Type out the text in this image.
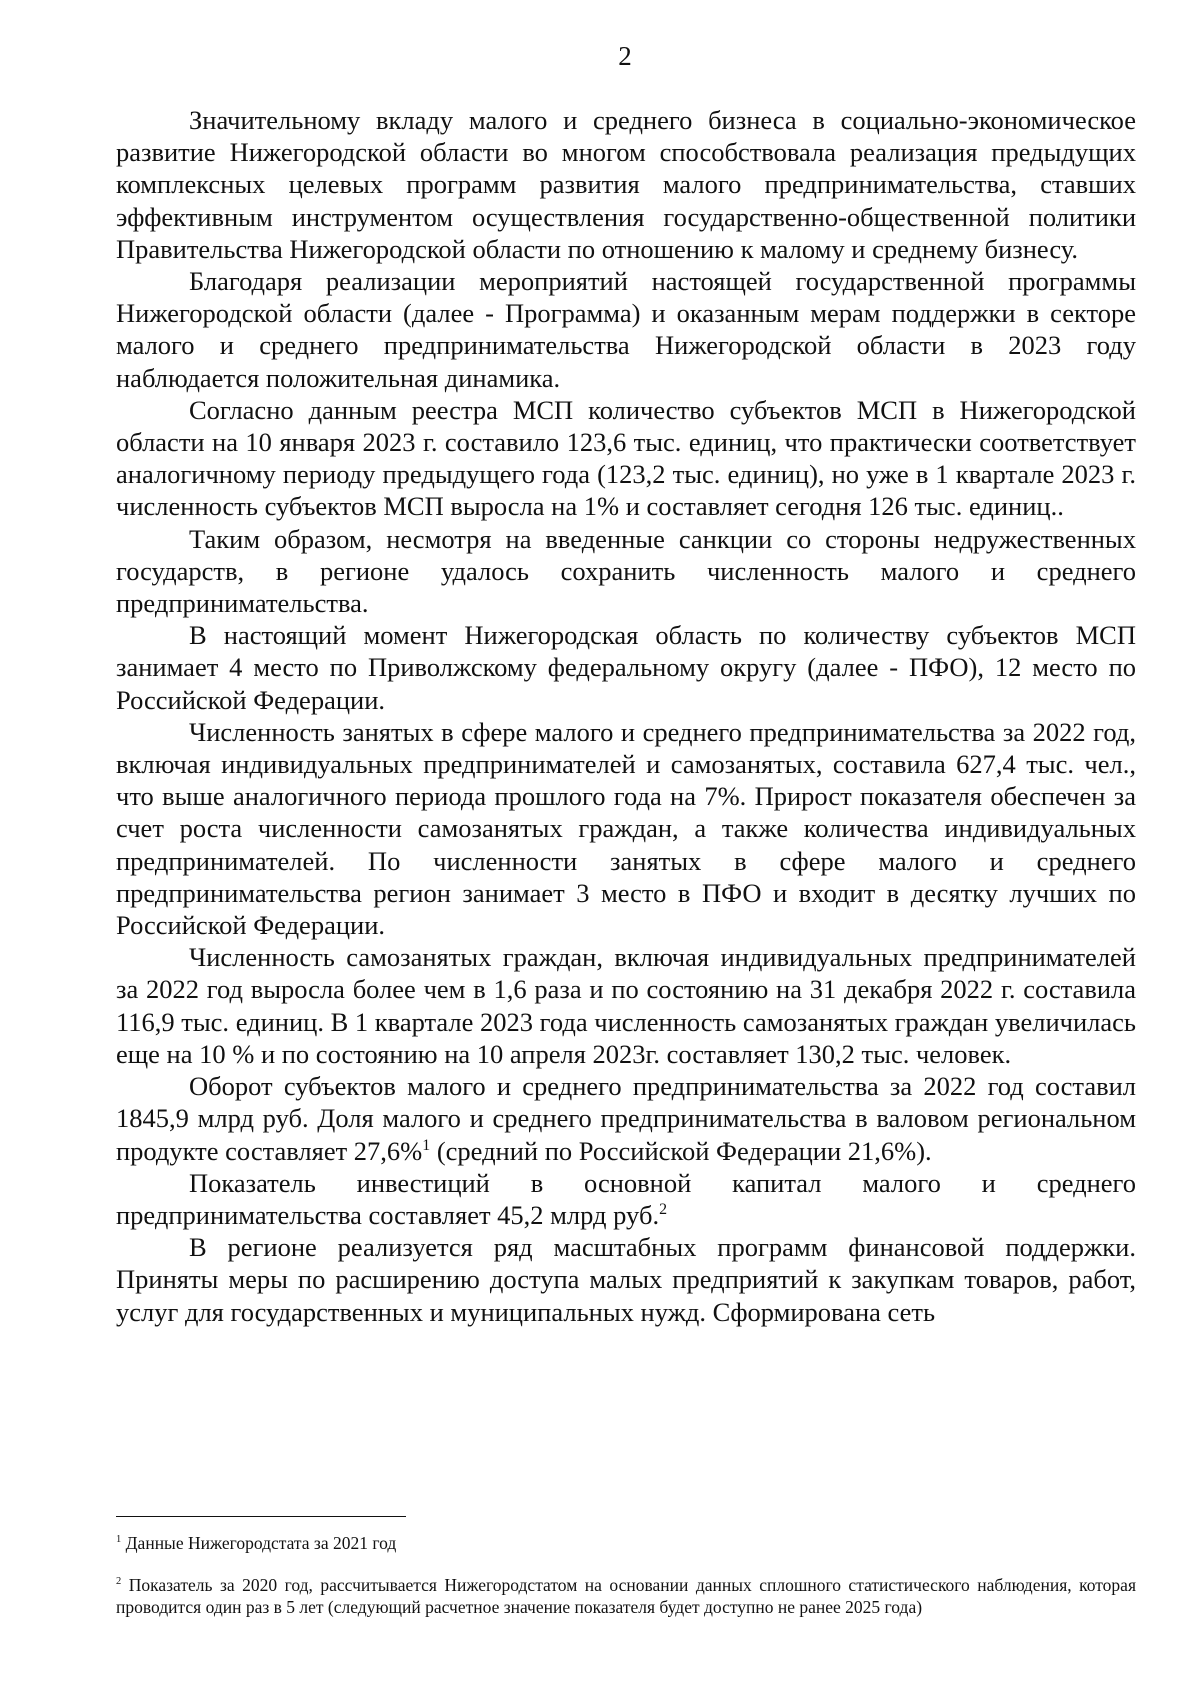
2

Значительному вкладу малого и среднего бизнеса в социально-экономическое развитие Нижегородской области во многом способствовала реализация предыдущих комплексных целевых программ развития малого предпринимательства, ставших эффективным инструментом осуществления государственно-общественной политики Правительства Нижегородской области по отношению к малому и среднему бизнесу.

Благодаря реализации мероприятий настоящей государственной программы Нижегородской области (далее - Программа) и оказанным мерам поддержки в секторе малого и среднего предпринимательства Нижегородской области в 2023 году наблюдается положительная динамика.

Согласно данным реестра МСП количество субъектов МСП в Нижегородской области на 10 января 2023 г. составило 123,6 тыс. единиц, что практически соответствует аналогичному периоду предыдущего года (123,2 тыс. единиц), но уже в 1 квартале 2023 г. численность субъектов МСП выросла на 1% и составляет сегодня 126 тыс. единиц..

Таким образом, несмотря на введенные санкции со стороны недружественных государств, в регионе удалось сохранить численность малого и среднего предпринимательства.

В настоящий момент Нижегородская область по количеству субъектов МСП занимает 4 место по Приволжскому федеральному округу (далее - ПФО), 12 место по Российской Федерации.

Численность занятых в сфере малого и среднего предпринимательства за 2022 год, включая индивидуальных предпринимателей и самозанятых, составила 627,4 тыс. чел., что выше аналогичного периода прошлого года на 7%. Прирост показателя обеспечен за счет роста численности самозанятых граждан, а также количества индивидуальных предпринимателей. По численности занятых в сфере малого и среднего предпринимательства регион занимает 3 место в ПФО и входит в десятку лучших по Российской Федерации.

Численность самозанятых граждан, включая индивидуальных предпринимателей за 2022 год выросла более чем в 1,6 раза и по состоянию на 31 декабря 2022 г. составила 116,9 тыс. единиц. В 1 квартале 2023 года численность самозанятых граждан увеличилась еще на 10 % и по состоянию на 10 апреля 2023г. составляет 130,2 тыс. человек.

Оборот субъектов малого и среднего предпринимательства за 2022 год составил 1845,9 млрд руб. Доля малого и среднего предпринимательства в валовом региональном продукте составляет 27,6%$^1$ (средний по Российской Федерации 21,6%).

Показатель инвестиций в основной капитал малого и среднего предпринимательства составляет 45,2 млрд руб.$^2$

В регионе реализуется ряд масштабных программ финансовой поддержки. Приняты меры по расширению доступа малых предприятий к закупкам товаров, работ, услуг для государственных и муниципальных нужд. Сформирована сеть

$^1$ Данные Нижегородстата за 2021 год

$^2$ Показатель за 2020 год, рассчитывается Нижегородстатом на основании данных сплошного статистического наблюдения, которая проводится один раз в 5 лет (следующий расчетное значение показателя будет доступно не ранее 2025 года)
